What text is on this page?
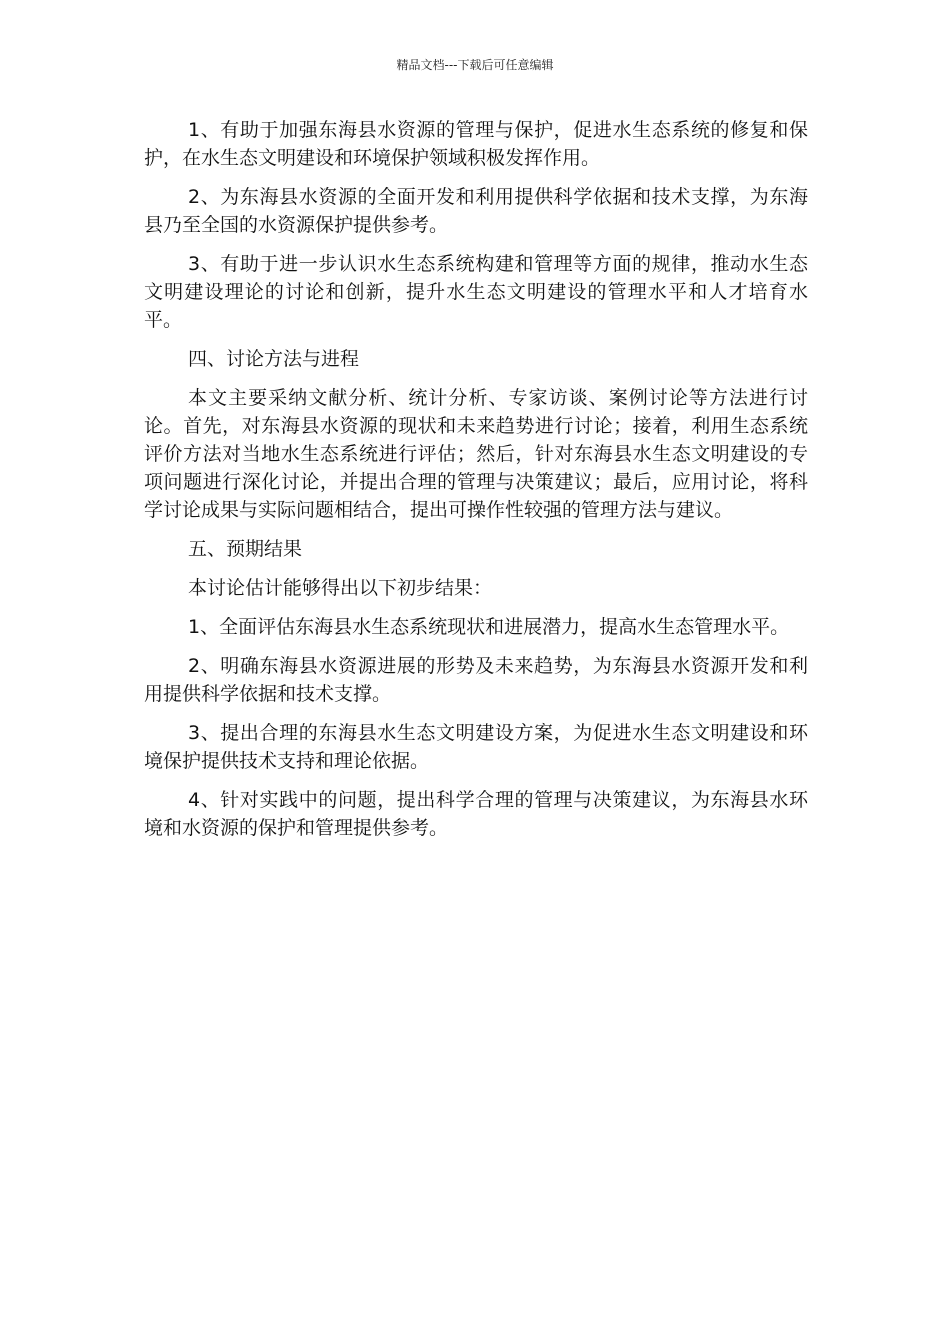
精品文档---下载后可任意编辑

1、有助于加强东海县水资源的管理与保护，促进水生态系统的修复和保护，在水生态文明建设和环境保护领域积极发挥作用。

2、为东海县水资源的全面开发和利用提供科学依据和技术支撑，为东海县乃至全国的水资源保护提供参考。

3、有助于进一步认识水生态系统构建和管理等方面的规律，推动水生态文明建设理论的讨论和创新，提升水生态文明建设的管理水平和人才培育水平。

四、讨论方法与进程

本文主要采纳文献分析、统计分析、专家访谈、案例讨论等方法进行讨论。首先，对东海县水资源的现状和未来趋势进行讨论；接着，利用生态系统评价方法对当地水生态系统进行评估；然后，针对东海县水生态文明建设的专项问题进行深化讨论，并提出合理的管理与决策建议；最后，应用讨论，将科学讨论成果与实际问题相结合，提出可操作性较强的管理方法与建议。

五、预期结果

本讨论估计能够得出以下初步结果：

1、全面评估东海县水生态系统现状和进展潜力，提高水生态管理水平。

2、明确东海县水资源进展的形势及未来趋势，为东海县水资源开发和利用提供科学依据和技术支撑。

3、提出合理的东海县水生态文明建设方案，为促进水生态文明建设和环境保护提供技术支持和理论依据。

4、针对实践中的问题，提出科学合理的管理与决策建议，为东海县水环境和水资源的保护和管理提供参考。
